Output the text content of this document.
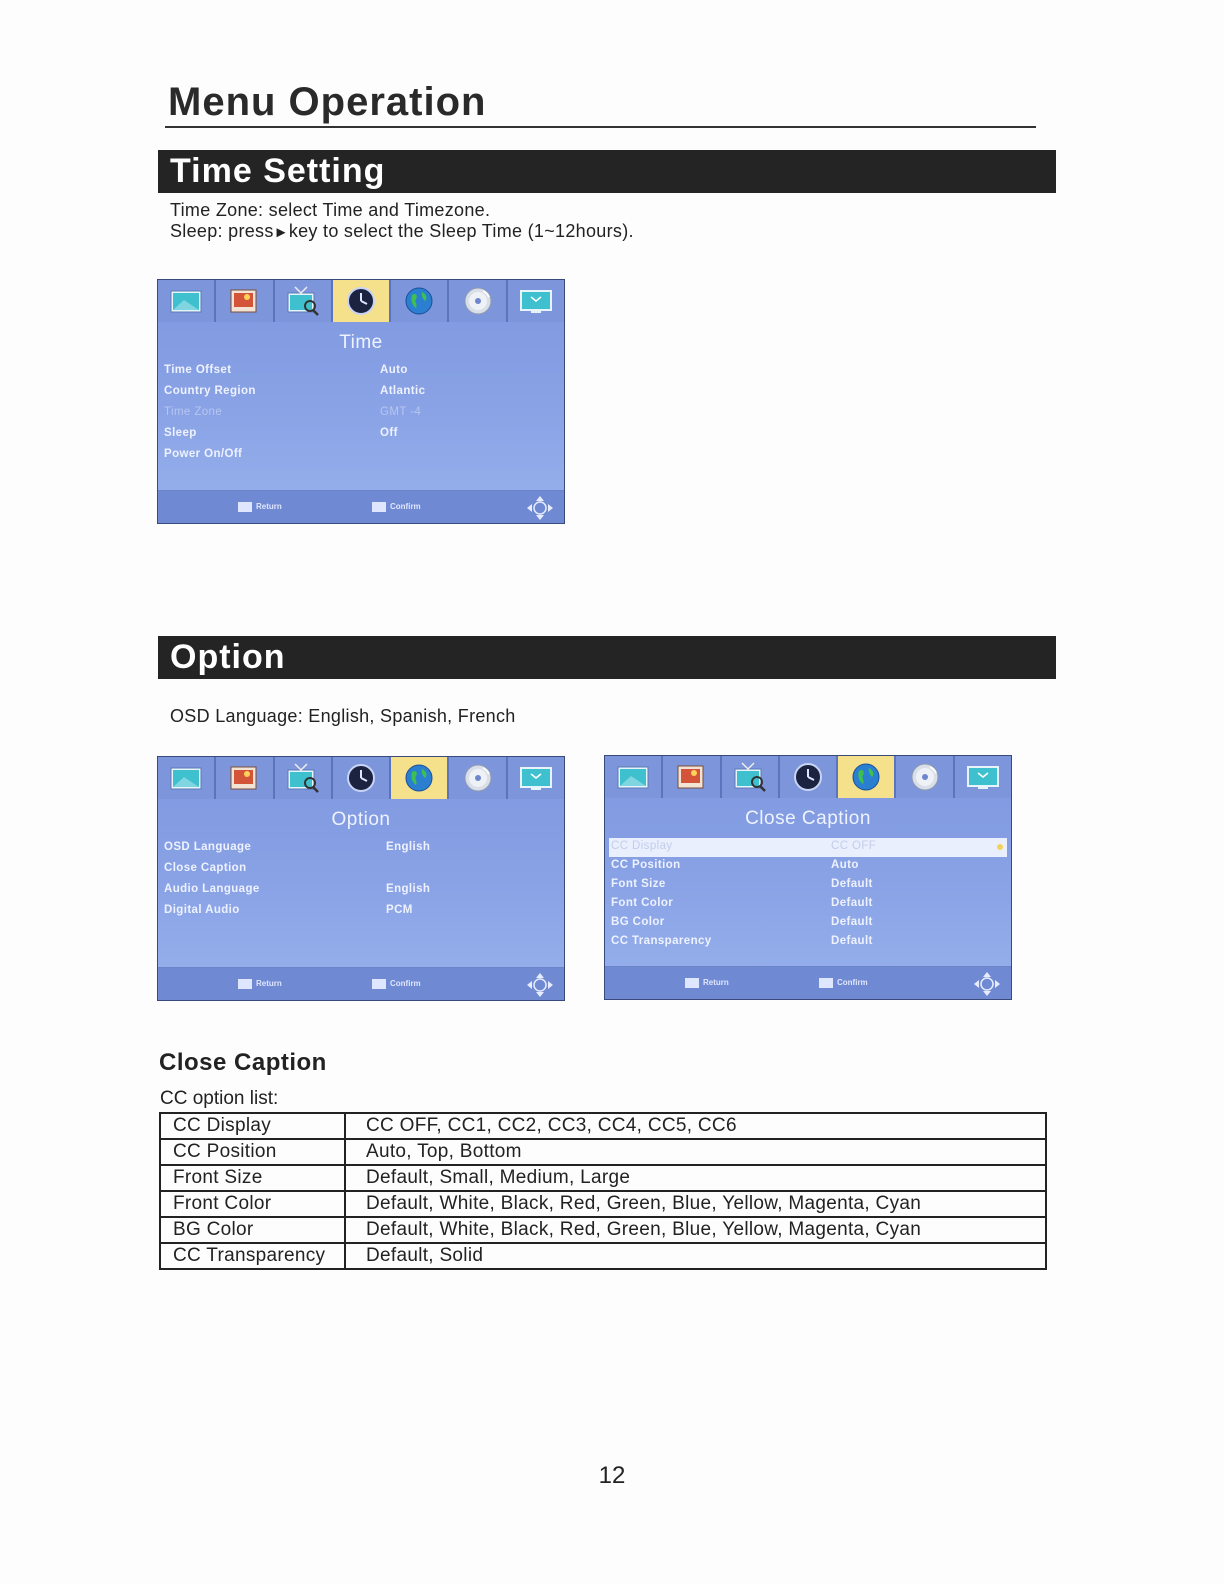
Menu Operation
Time Setting
Time Zone: select Time and Timezone.
Sleep: press►key to select the Sleep Time (1~12hours).
Time
Time Offset	Auto
Country Region	Atlantic
Time Zone	GMT -4
Sleep	Off
Power On/Off
Return	Confirm
Option
OSD Language: English, Spanish, French
Option
OSD Language	English
Close Caption
Audio Language	English
Digital Audio	PCM
Return	Confirm
Close Caption
CC Display	CC OFF
CC Position	Auto
Font Size	Default
Font Color	Default
BG Color	Default
CC Transparency	Default
Return	Confirm
Close Caption
CC option list:
CC Display	CC OFF, CC1, CC2, CC3, CC4, CC5, CC6
CC Position	Auto, Top, Bottom
Front Size	Default, Small, Medium, Large
Front Color	Default, White, Black, Red, Green, Blue, Yellow, Magenta, Cyan
BG Color	Default, White, Black, Red, Green, Blue, Yellow, Magenta, Cyan
CC Transparency	Default, Solid
12
